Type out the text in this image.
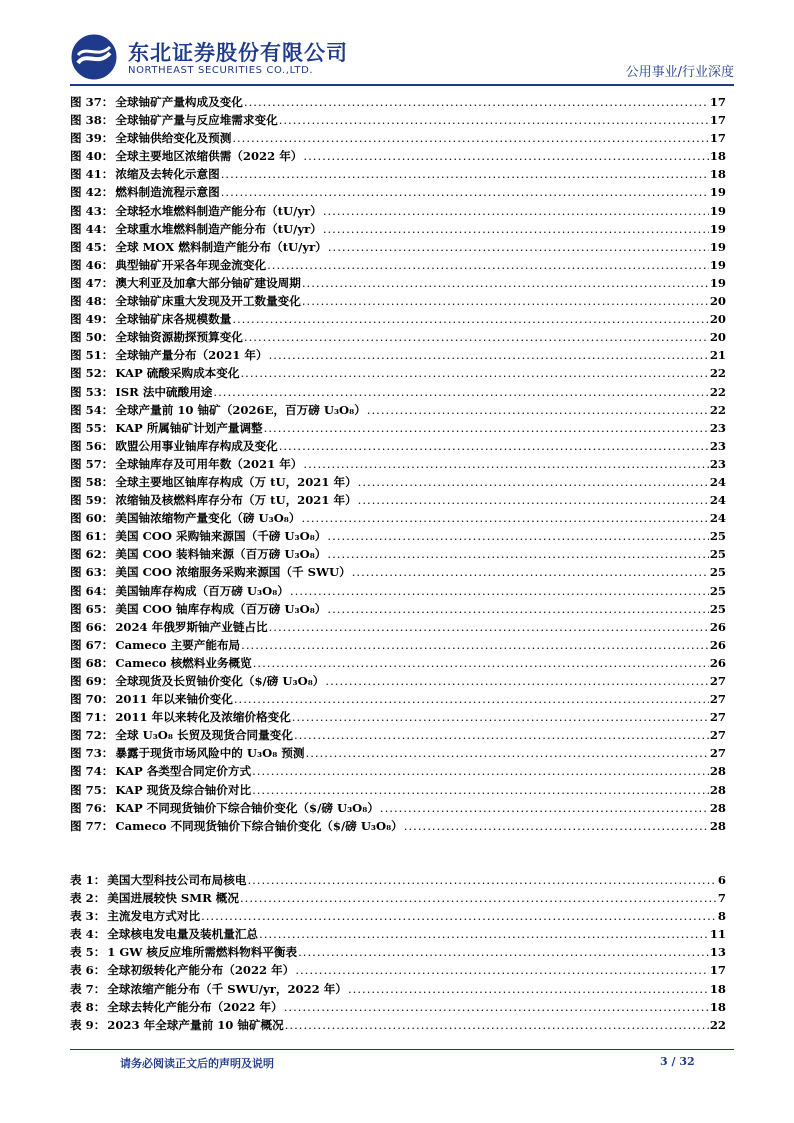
东北证券股份有限公司
NORTHEAST SECURITIES CO.,LTD.	公用事业/行业深度
图 37： 全球铀矿产量构成及变化 .....	17
图 38： 全球铀矿产量与反应堆需求变化 .....	17
图 39： 全球铀供给变化及预测 .....	17
图 40： 全球主要地区浓缩供需（2022 年） .....	18
图 41： 浓缩及去转化示意图 .....	18
图 42： 燃料制造流程示意图 .....	19
图 43： 全球轻水堆燃料制造产能分布（tU/yr） .....	19
图 44： 全球重水堆燃料制造产能分布（tU/yr） .....	19
图 45： 全球 MOX 燃料制造产能分布（tU/yr） .....	19
图 46： 典型铀矿开采各年现金流变化 .....	19
图 47： 澳大利亚及加拿大部分铀矿建设周期 .....	19
图 48： 全球铀矿床重大发现及开工数量变化 .....	20
图 49： 全球铀矿床各规模数量 .....	20
图 50： 全球铀资源勘探预算变化 .....	20
图 51： 全球铀产量分布（2021 年） .....	21
图 52： KAP 硫酸采购成本变化 .....	22
图 53： ISR 法中硫酸用途 .....	22
图 54： 全球产量前 10 铀矿（2026E，百万磅 U₃O₈） .....	22
图 55： KAP 所属铀矿计划产量调整 .....	23
图 56： 欧盟公用事业铀库存构成及变化 .....	23
图 57： 全球铀库存及可用年数（2021 年） .....	23
图 58： 全球主要地区铀库存构成（万 tU，2021 年） .....	24
图 59： 浓缩铀及核燃料库存分布（万 tU，2021 年） .....	24
图 60： 美国铀浓缩物产量变化（磅 U₃O₈） .....	24
图 61： 美国 COO 采购铀来源国（千磅 U₃O₈） .....	25
图 62： 美国 COO 装料铀来源（百万磅 U₃O₈） .....	25
图 63： 美国 COO 浓缩服务采购来源国（千 SWU） .....	25
图 64： 美国铀库存构成（百万磅 U₃O₈） .....	25
图 65： 美国 COO 铀库存构成（百万磅 U₃O₈） .....	25
图 66： 2024 年俄罗斯铀产业链占比 .....	26
图 67： Cameco 主要产能布局 .....	26
图 68： Cameco 核燃料业务概览 .....	26
图 69： 全球现货及长贸铀价变化（$/磅 U₃O₈） .....	27
图 70： 2011 年以来铀价变化 .....	27
图 71： 2011 年以来转化及浓缩价格变化 .....	27
图 72： 全球 U₃O₈ 长贸及现货合同量变化 .....	27
图 73： 暴露于现货市场风险中的 U₃O₈ 预测 .....	27
图 74： KAP 各类型合同定价方式 .....	28
图 75： KAP 现货及综合铀价对比 .....	28
图 76： KAP 不同现货铀价下综合铀价变化（$/磅 U₃O₈） .....	28
图 77： Cameco 不同现货铀价下综合铀价变化（$/磅 U₃O₈） .....	28
表 1： 美国大型科技公司布局核电 .....	6
表 2： 美国进展较快 SMR 概况 .....	7
表 3： 主流发电方式对比 .....	8
表 4： 全球核电发电量及装机量汇总 .....	11
表 5： 1 GW 核反应堆所需燃料物料平衡表 .....	13
表 6： 全球初级转化产能分布（2022 年） .....	17
表 7： 全球浓缩产能分布（千 SWU/yr，2022 年） .....	18
表 8： 全球去转化产能分布（2022 年） .....	18
表 9： 2023 年全球产量前 10 铀矿概况 .....	22
请务必阅读正文后的声明及说明	3 / 32
